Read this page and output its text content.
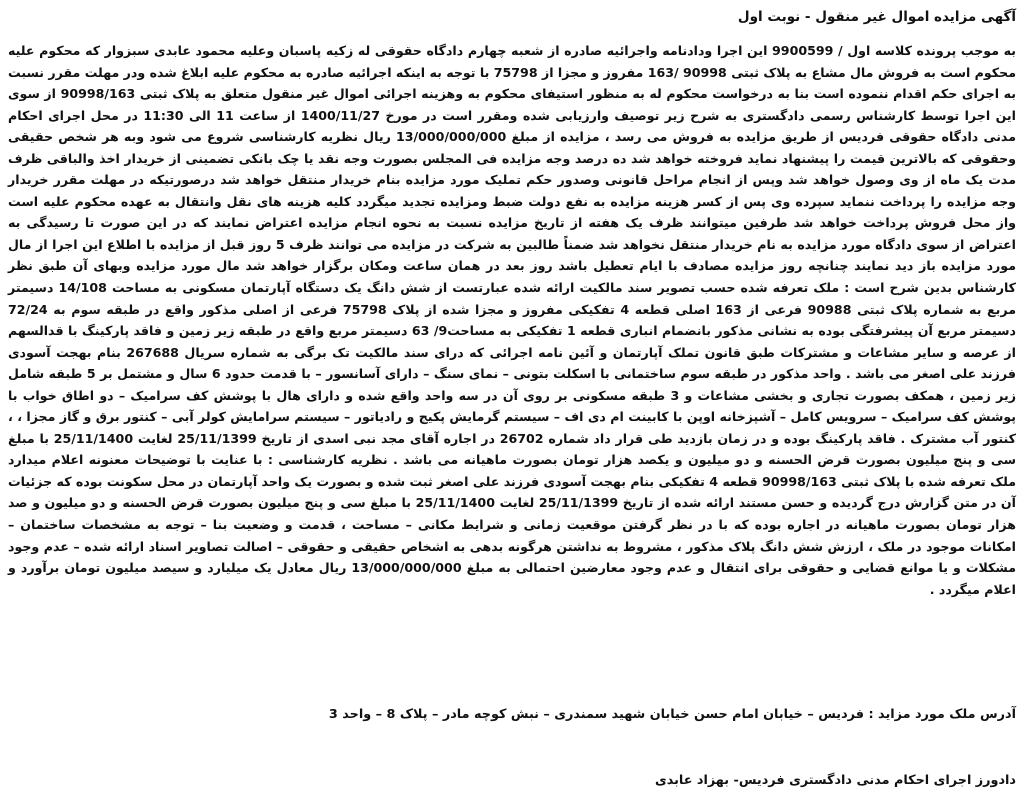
آگهی مزایده اموال غیر منقول - نوبت اول
به موجب پرونده کلاسه اول / 9900599 این اجرا ودادنامه واجرائیه صادره از شعبه چهارم دادگاه حقوقی له زکیه پاسبان وعلیه محمود عابدی سبزوار که محکوم علیه محکوم است به فروش مال مشاع به پلاک ثبتی 90998 /163 مفروز و مجزا از 75798 با توجه به اینکه اجرائیه صادره به محکوم علیه ابلاغ شده ودر مهلت مقرر نسبت به اجرای حکم اقدام ننموده است بنا به درخواست محکوم له به منظور استیفای محکوم به وهزینه اجرائی اموال غیر منقول متعلق به پلاک ثبتی 90998/163 از سوی این اجرا توسط کارشناس رسمی دادگستری به شرح زیر توصیف وارزیابی شده ومقرر است در مورخ 1400/11/27 از ساعت 11 الی 11:30 در محل اجرای احکام مدنی دادگاه حقوقی فردیس از طریق مزایده به فروش می رسد ، مزایده از مبلغ 13/000/000/000 ریال نظریه کارشناسی شروع می شود وبه هر شخص حقیقی وحقوقی که بالاترین قیمت را پیشنهاد نماید فروخته خواهد شد ده درصد وجه مزایده فی المجلس بصورت وجه نقد یا چک بانکی تضمینی از خریدار اخذ والباقی ظرف مدت یک ماه از وی وصول خواهد شد وپس از انجام مراحل قانونی وصدور حکم تملیک مورد مزایده بنام خریدار منتقل خواهد شد درصورتیکه در مهلت مقرر خریدار وجه مزایده را پرداخت ننماید سپرده وی پس از کسر هزینه مزایده به نفع دولت ضبط ومزایده تجدید میگردد کلیه هزینه های نقل وانتقال به عهده محکوم علیه است واز محل فروش پرداخت خواهد شد طرفین میتوانند ظرف یک هفته از تاریخ مزایده نسبت به نحوه انجام مزایده اعتراض نمایند که در این صورت تا رسیدگی به اعتراض از سوی دادگاه مورد مزایده به نام خریدار منتقل نخواهد شد ضمناً طالبین به شرکت در مزایده می توانند ظرف 5 روز قبل از مزایده با اطلاع این اجرا از مال مورد مزایده باز دید نمایند چنانچه روز مزایده مصادف با ایام تعطیل باشد روز بعد در همان ساعت ومکان برگزار خواهد شد مال مورد مزایده وبهای آن طبق نظر کارشناس بدین شرح است : ملک تعرفه شده حسب تصویر سند مالکیت ارائه شده عبارتست از شش دانگ یک دستگاه آپارتمان مسکونی به مساحت 14/108 دسیمتر مربع به شماره پلاک ثبتی 90988 فرعی از 163 اصلی قطعه 4 تفکیکی مفروز و مجزا شده از پلاک 75798 فرعی از اصلی مذکور واقع در طبقه سوم به 72/24 دسیمتر مربع آن پیشرفتگی بوده به نشانی مذکور بانضمام انباری قطعه 1 تفکیکی به مساحت9/ 63 دسیمتر مربع واقع در طبقه زیر زمین و فاقد پارکینگ با قدالسهم از عرصه و سایر مشاعات و مشترکات طبق قانون تملک آپارتمان و آئین نامه اجرائی که درای سند مالکیت تک برگی به شماره سریال 267688 بنام بهجت آسودی فرزند علی اصغر می باشد . واحد مذکور در طبقه سوم ساختمانی با اسکلت بتونی – نمای سنگ – دارای آسانسور – با قدمت حدود 6 سال و مشتمل بر 5 طبقه شامل زیر زمین ، همکف بصورت تجاری و بخشی مشاعات و 3 طبقه مسکونی بر روی آن در سه واحد واقع شده و دارای هال با پوشش کف سرامیک – دو اطاق خواب با پوشش کف سرامیک – سرویس کامل – آشپزخانه اوپن با کابینت ام دی اف – سیستم گرمایش پکیج و رادیاتور – سیستم سرامایش کولر آبی – کنتور برق و گاز مجزا ، ، کنتور آب مشترک . فاقد پارکینگ بوده و در زمان بازدید طی قرار داد شماره 26702 در اجاره آقای مجد نبی اسدی از تاریخ 25/11/1399 لغایت 25/11/1400 با مبلغ سی و پنج میلیون بصورت قرض الحسنه و دو میلیون و یکصد هزار تومان بصورت ماهیانه می باشد . نظریه کارشناسی : با عنایت با توضیحات معنونه اعلام میدارد ملک تعرفه شده با پلاک ثبتی 90998/163 قطعه 4 تفکیکی بنام بهجت آسودی فرزند علی اصغر ثبت شده و بصورت یک واحد آپارتمان در محل سکونت بوده که جزئیات آن در متن گزارش درج گردیده و حسن مستند ارائه شده از تاریخ 25/11/1399 لغایت 25/11/1400 با مبلغ سی و پنج میلیون بصورت قرض الحسنه و دو میلیون و صد هزار تومان بصورت ماهیانه در اجاره بوده که با در نظر گرفتن موقعیت زمانی و شرایط مکانی – مساحت ، قدمت و وضعیت بنا – توجه به مشخصات ساختمان – امکانات موجود در ملک ، ارزش شش دانگ پلاک مذکور ، مشروط به نداشتن هرگونه بدهی به اشخاص حقیقی و حقوقی – اصالت تصاویر اسناد ارائه شده – عدم وجود مشکلات و یا موانع قضایی و حقوقی برای انتقال و عدم وجود معارضین احتمالی به مبلغ 13/000/000/000 ریال معادل یک میلیارد و سیصد میلیون تومان برآورد و اعلام میگردد .
آدرس ملک مورد مزاید : فردیس – خیابان امام حسن خیابان شهید سمندری – نبش کوچه مادر – پلاک 8 – واحد 3
دادورز اجرای احکام مدنی دادگستری فردیس- بهزاد عابدی
